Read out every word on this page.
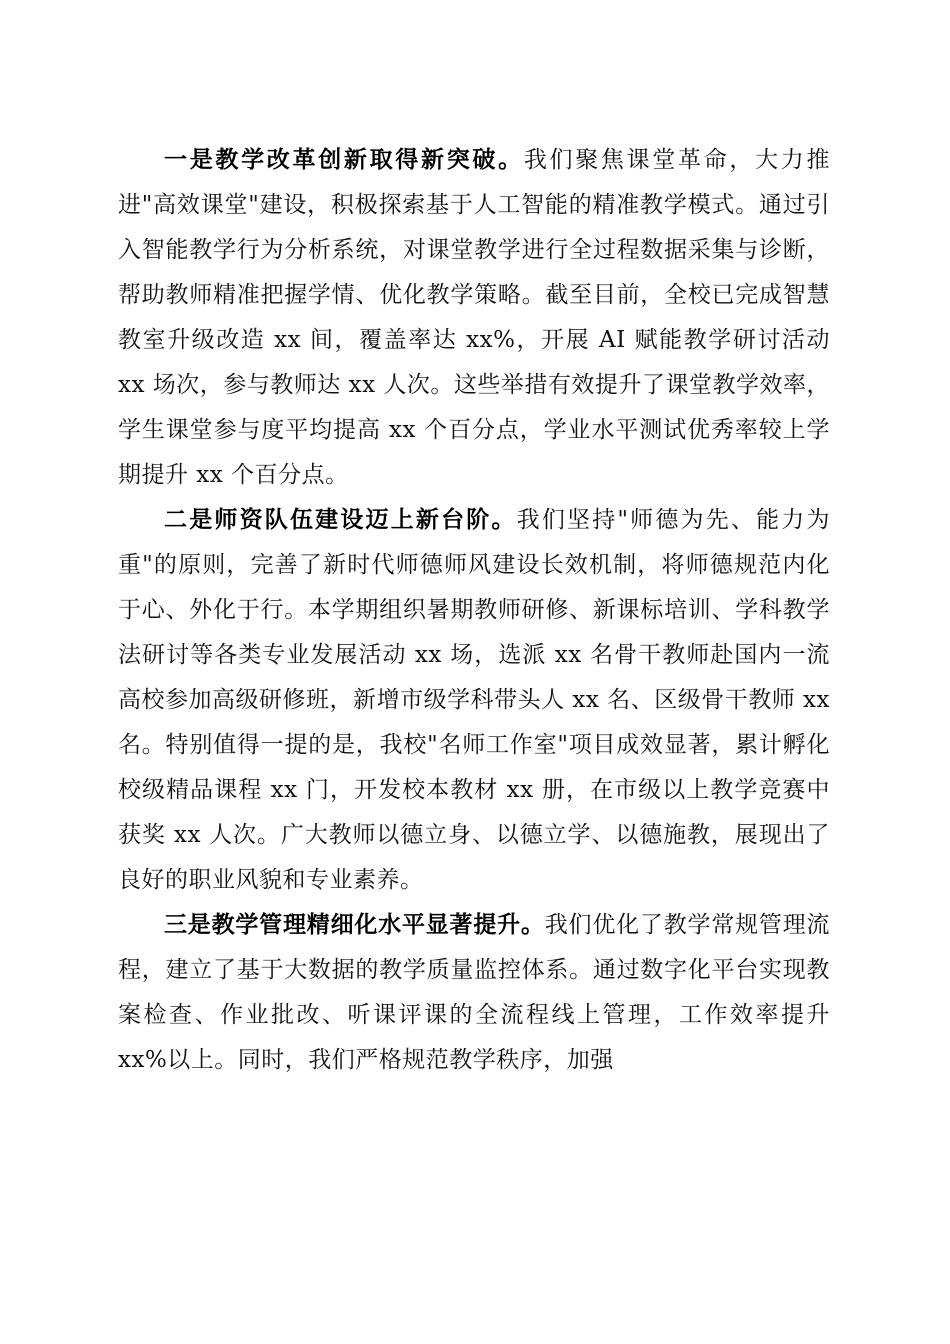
一是教学改革创新取得新突破。我们聚焦课堂革命，大力推进"高效课堂"建设，积极探索基于人工智能的精准教学模式。通过引入智能教学行为分析系统，对课堂教学进行全过程数据采集与诊断，帮助教师精准把握学情、优化教学策略。截至目前，全校已完成智慧教室升级改造 xx 间，覆盖率达 xx%，开展 AI 赋能教学研讨活动 xx 场次，参与教师达 xx 人次。这些举措有效提升了课堂教学效率，学生课堂参与度平均提高 xx 个百分点，学业水平测试优秀率较上学期提升 xx 个百分点。

二是师资队伍建设迈上新台阶。我们坚持"师德为先、能力为重"的原则，完善了新时代师德师风建设长效机制，将师德规范内化于心、外化于行。本学期组织暑期教师研修、新课标培训、学科教学法研讨等各类专业发展活动 xx 场，选派 xx 名骨干教师赴国内一流高校参加高级研修班，新增市级学科带头人 xx 名、区级骨干教师 xx 名。特别值得一提的是，我校"名师工作室"项目成效显著，累计孵化校级精品课程 xx 门，开发校本教材 xx 册，在市级以上教学竞赛中获奖 xx 人次。广大教师以德立身、以德立学、以德施教，展现出了良好的职业风貌和专业素养。

三是教学管理精细化水平显著提升。我们优化了教学常规管理流程，建立了基于大数据的教学质量监控体系。通过数字化平台实现教案检查、作业批改、听课评课的全流程线上管理，工作效率提升 xx%以上。同时，我们严格规范教学秩序，加强
